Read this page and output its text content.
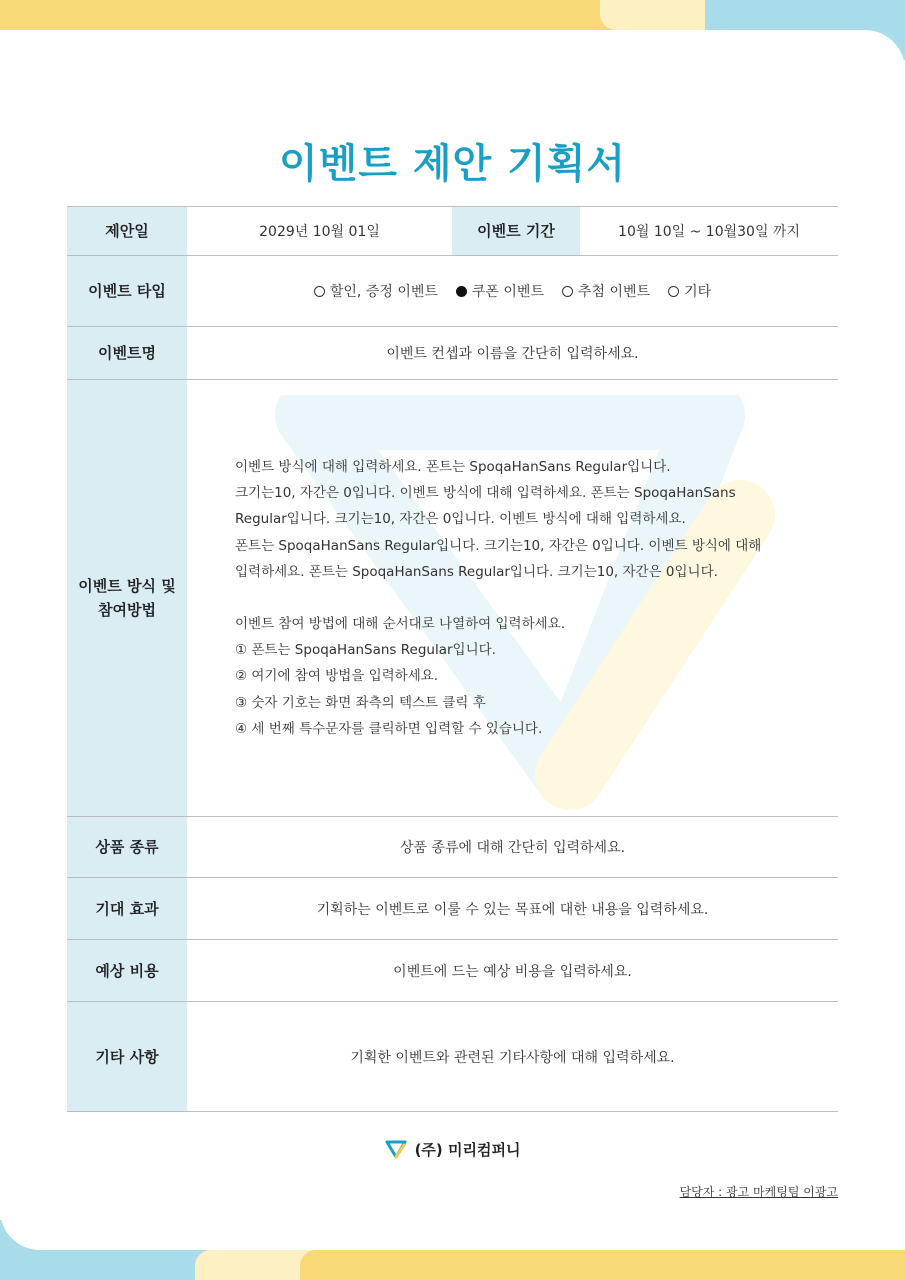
이벤트 제안 기획서
제안일	2029년 10월 01일	이벤트 기간	10월 10일 ~ 10월30일 까지
이벤트 타입	할인, 증정 이벤트 쿠폰 이벤트 추첨 이벤트 기타
이벤트명	이벤트 컨셉과 이름을 간단히 입력하세요.
이벤트 방식 및
참여방법

이벤트 방식에 대해 입력하세요. 폰트는 SpoqaHanSans Regular입니다.

크기는10, 자간은 0입니다. 이벤트 방식에 대해 입력하세요. 폰트는 SpoqaHanSans

Regular입니다. 크기는10, 자간은 0입니다. 이벤트 방식에 대해 입력하세요.

폰트는 SpoqaHanSans Regular입니다. 크기는10, 자간은 0입니다. 이벤트 방식에 대해

입력하세요. 폰트는 SpoqaHanSans Regular입니다. 크기는10, 자간은 0입니다.

이벤트 참여 방법에 대해 순서대로 나열하여 입력하세요.

① 폰트는 SpoqaHanSans Regular입니다.

② 여기에 참여 방법을 입력하세요.

③ 숫자 기호는 화면 좌측의 텍스트 클릭 후

④ 세 번째 특수문자를 클릭하면 입력할 수 있습니다.

상품 종류	상품 종류에 대해 간단히 입력하세요.
기대 효과	기획하는 이벤트로 이룰 수 있는 목표에 대한 내용을 입력하세요.
예상 비용	이벤트에 드는 예상 비용을 입력하세요.
기타 사항	기획한 이벤트와 관련된 기타사항에 대해 입력하세요.
(주) 미리컴퍼니
담당자 : 광고 마케팅팀 이광고
